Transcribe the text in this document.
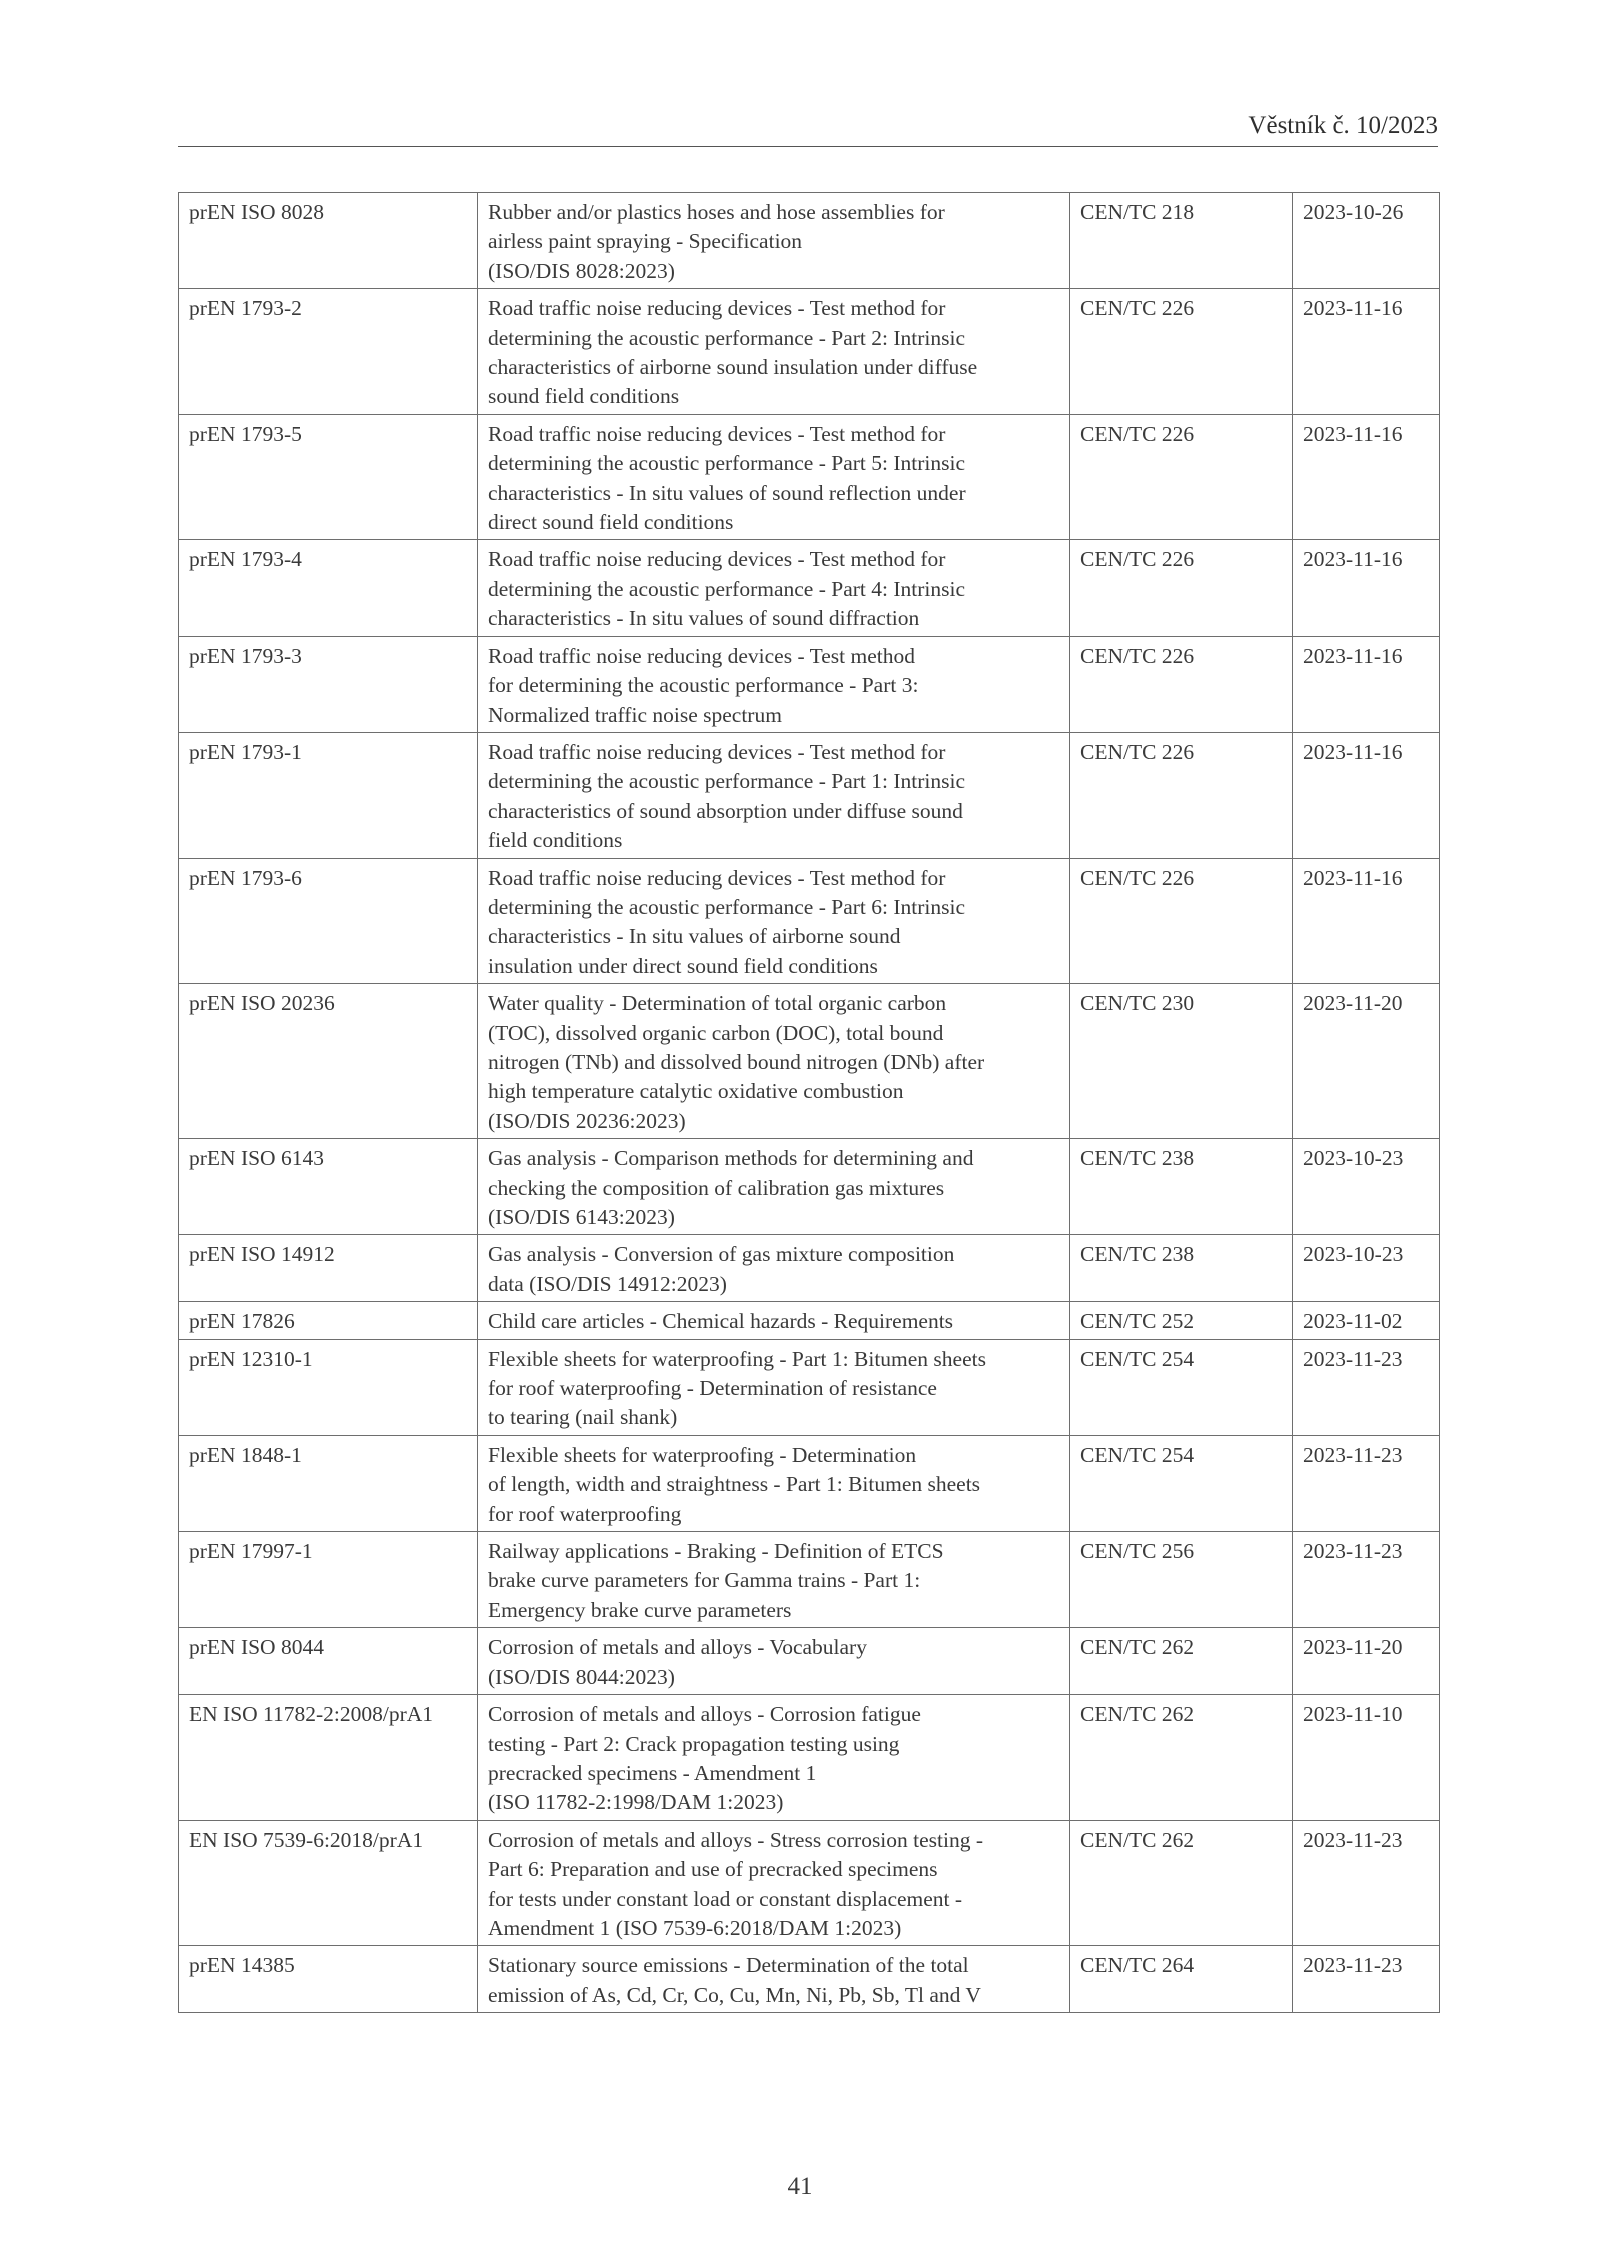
Věstník č. 10/2023
prEN ISO 8028	Rubber and/or plastics hoses and hose assemblies for
airless paint spraying - Specification
(ISO/DIS 8028:2023)	CEN/TC 218	2023-10-26
prEN 1793-2	Road traffic noise reducing devices - Test method for
determining the acoustic performance - Part 2: Intrinsic
characteristics of airborne sound insulation under diffuse
sound field conditions	CEN/TC 226	2023-11-16
prEN 1793-5	Road traffic noise reducing devices - Test method for
determining the acoustic performance - Part 5: Intrinsic
characteristics - In situ values of sound reflection under
direct sound field conditions	CEN/TC 226	2023-11-16
prEN 1793-4	Road traffic noise reducing devices - Test method for
determining the acoustic performance - Part 4: Intrinsic
characteristics - In situ values of sound diffraction	CEN/TC 226	2023-11-16
prEN 1793-3	Road traffic noise reducing devices - Test method
for determining the acoustic performance - Part 3:
Normalized traffic noise spectrum	CEN/TC 226	2023-11-16
prEN 1793-1	Road traffic noise reducing devices - Test method for
determining the acoustic performance - Part 1: Intrinsic
characteristics of sound absorption under diffuse sound
field conditions	CEN/TC 226	2023-11-16
prEN 1793-6	Road traffic noise reducing devices - Test method for
determining the acoustic performance - Part 6: Intrinsic
characteristics - In situ values of airborne sound
insulation under direct sound field conditions	CEN/TC 226	2023-11-16
prEN ISO 20236	Water quality - Determination of total organic carbon
(TOC), dissolved organic carbon (DOC), total bound
nitrogen (TNb) and dissolved bound nitrogen (DNb) after
high temperature catalytic oxidative combustion
(ISO/DIS 20236:2023)	CEN/TC 230	2023-11-20
prEN ISO 6143	Gas analysis - Comparison methods for determining and
checking the composition of calibration gas mixtures
(ISO/DIS 6143:2023)	CEN/TC 238	2023-10-23
prEN ISO 14912	Gas analysis - Conversion of gas mixture composition
data (ISO/DIS 14912:2023)	CEN/TC 238	2023-10-23
prEN 17826	Child care articles - Chemical hazards - Requirements	CEN/TC 252	2023-11-02
prEN 12310-1	Flexible sheets for waterproofing - Part 1: Bitumen sheets
for roof waterproofing - Determination of resistance
to tearing (nail shank)	CEN/TC 254	2023-11-23
prEN 1848-1	Flexible sheets for waterproofing - Determination
of length, width and straightness - Part 1: Bitumen sheets
for roof waterproofing	CEN/TC 254	2023-11-23
prEN 17997-1	Railway applications - Braking - Definition of ETCS
brake curve parameters for Gamma trains - Part 1:
Emergency brake curve parameters	CEN/TC 256	2023-11-23
prEN ISO 8044	Corrosion of metals and alloys - Vocabulary
(ISO/DIS 8044:2023)	CEN/TC 262	2023-11-20
EN ISO 11782-2:2008/prA1	Corrosion of metals and alloys - Corrosion fatigue
testing - Part 2: Crack propagation testing using
precracked specimens - Amendment 1
(ISO 11782-2:1998/DAM 1:2023)	CEN/TC 262	2023-11-10
EN ISO 7539-6:2018/prA1	Corrosion of metals and alloys - Stress corrosion testing -
Part 6: Preparation and use of precracked specimens
for tests under constant load or constant displacement -
Amendment 1 (ISO 7539-6:2018/DAM 1:2023)	CEN/TC 262	2023-11-23
prEN 14385	Stationary source emissions - Determination of the total
emission of As, Cd, Cr, Co, Cu, Mn, Ni, Pb, Sb, Tl and V	CEN/TC 264	2023-11-23
41
